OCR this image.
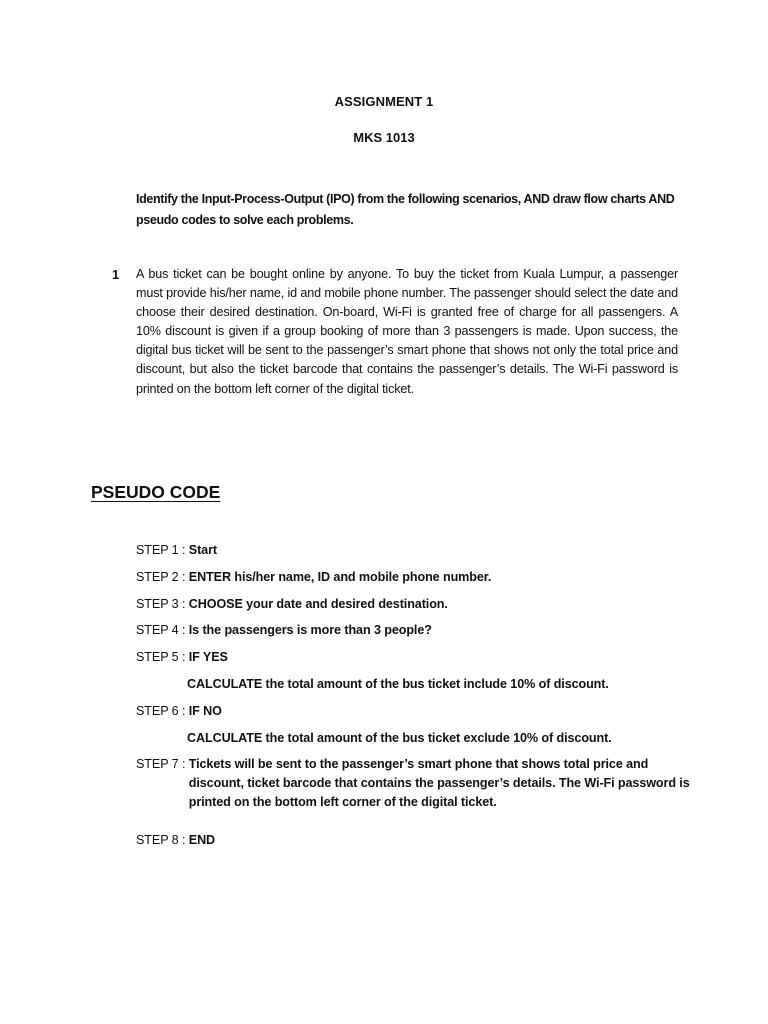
ASSIGNMENT 1
MKS 1013
Identify the Input-Process-Output (IPO) from the following scenarios, AND draw flow charts AND pseudo codes to solve each problems.
1 A bus ticket can be bought online by anyone. To buy the ticket from Kuala Lumpur, a passenger must provide his/her name, id and mobile phone number. The passenger should select the date and choose their desired destination. On-board, Wi-Fi is granted free of charge for all passengers. A 10% discount is given if a group booking of more than 3 passengers is made. Upon success, the digital bus ticket will be sent to the passenger’s smart phone that shows not only the total price and discount, but also the ticket barcode that contains the passenger’s details. The Wi-Fi password is printed on the bottom left corner of the digital ticket.
PSEUDO CODE
STEP 1 : Start
STEP 2 : ENTER his/her name, ID and mobile phone number.
STEP 3 : CHOOSE your date and desired destination.
STEP 4 : Is the passengers is more than 3 people?
STEP 5 : IF YES
CALCULATE the total amount of the bus ticket include 10% of discount.
STEP 6 : IF NO
CALCULATE the total amount of the bus ticket exclude 10% of discount.
STEP 7 : Tickets will be sent to the passenger’s smart phone that shows total price and discount, ticket barcode that contains the passenger’s details. The Wi-Fi password is printed on the bottom left corner of the digital ticket.
STEP 8 : END
